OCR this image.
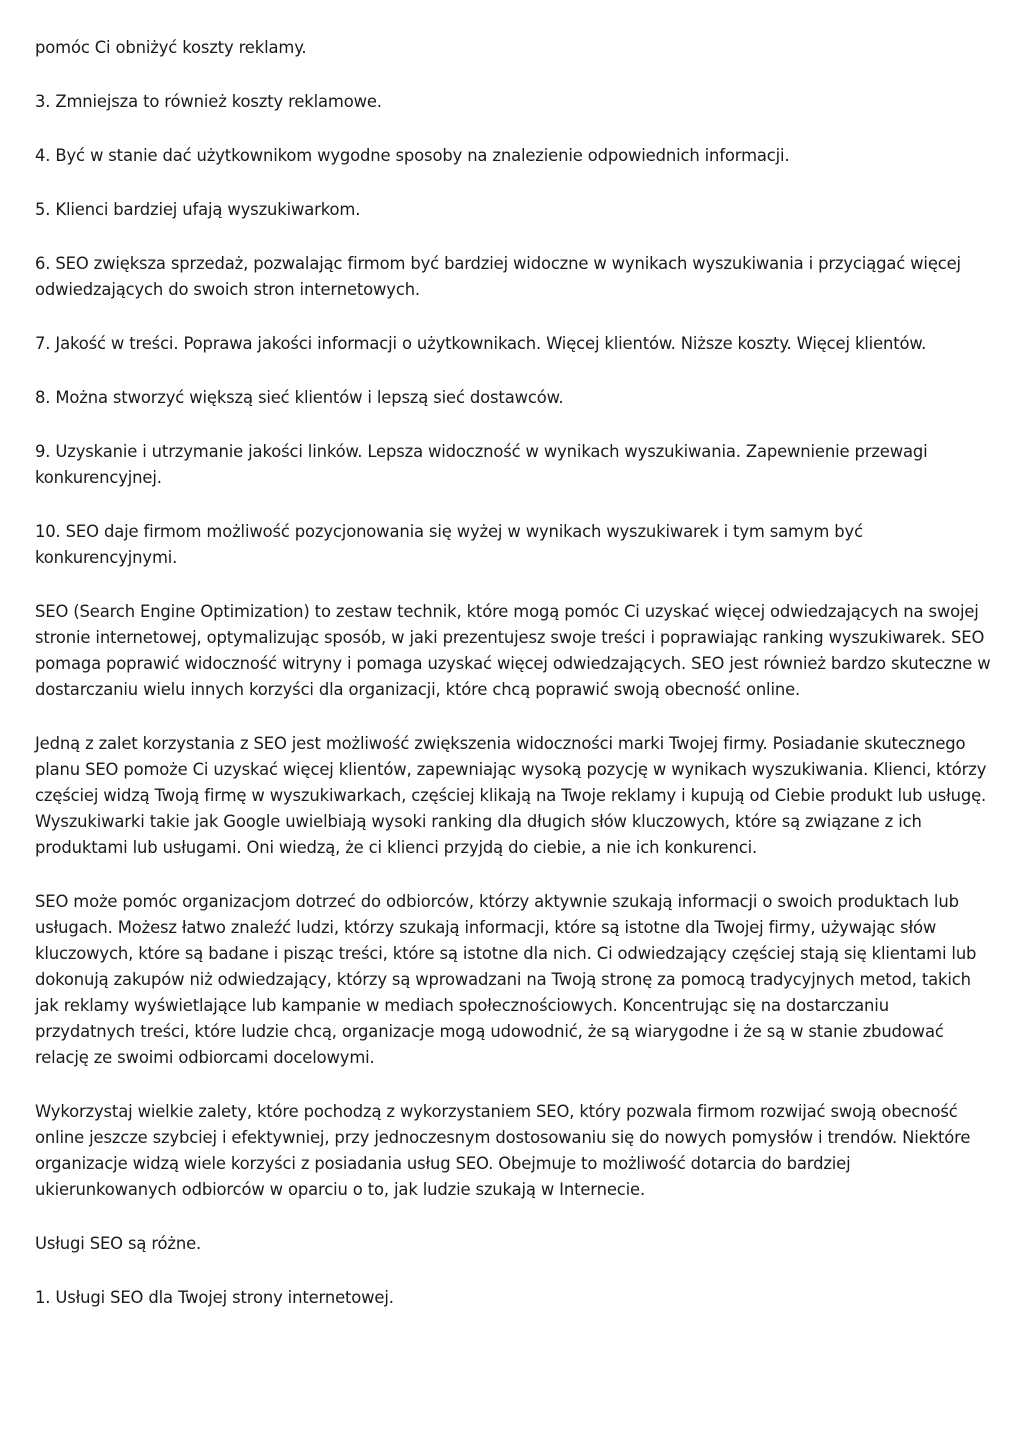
pomóc Ci obniżyć koszty reklamy.

3. Zmniejsza to również koszty reklamowe.

4. Być w stanie dać użytkownikom wygodne sposoby na znalezienie odpowiednich informacji.

5. Klienci bardziej ufają wyszukiwarkom.

6. SEO zwiększa sprzedaż, pozwalając firmom być bardziej widoczne w wynikach wyszukiwania i przyciągać więcej odwiedzających do swoich stron internetowych.

7. Jakość w treści. Poprawa jakości informacji o użytkownikach. Więcej klientów. Niższe koszty. Więcej klientów.

8. Można stworzyć większą sieć klientów i lepszą sieć dostawców.

9. Uzyskanie i utrzymanie jakości linków. Lepsza widoczność w wynikach wyszukiwania. Zapewnienie przewagi konkurencyjnej.

10. SEO daje firmom możliwość pozycjonowania się wyżej w wynikach wyszukiwarek i tym samym być konkurencyjnymi.

SEO (Search Engine Optimization) to zestaw technik, które mogą pomóc Ci uzyskać więcej odwiedzających na swojej stronie internetowej, optymalizując sposób, w jaki prezentujesz swoje treści i poprawiając ranking wyszukiwarek. SEO pomaga poprawić widoczność witryny i pomaga uzyskać więcej odwiedzających. SEO jest również bardzo skuteczne w dostarczaniu wielu innych korzyści dla organizacji, które chcą poprawić swoją obecność online.

Jedną z zalet korzystania z SEO jest możliwość zwiększenia widoczności marki Twojej firmy. Posiadanie skutecznego planu SEO pomoże Ci uzyskać więcej klientów, zapewniając wysoką pozycję w wynikach wyszukiwania. Klienci, którzy częściej widzą Twoją firmę w wyszukiwarkach, częściej klikają na Twoje reklamy i kupują od Ciebie produkt lub usługę. Wyszukiwarki takie jak Google uwielbiają wysoki ranking dla długich słów kluczowych, które są związane z ich produktami lub usługami. Oni wiedzą, że ci klienci przyjdą do ciebie, a nie ich konkurenci.

SEO może pomóc organizacjom dotrzeć do odbiorców, którzy aktywnie szukają informacji o swoich produktach lub usługach. Możesz łatwo znaleźć ludzi, którzy szukają informacji, które są istotne dla Twojej firmy, używając słów kluczowych, które są badane i pisząc treści, które są istotne dla nich. Ci odwiedzający częściej stają się klientami lub dokonują zakupów niż odwiedzający, którzy są wprowadzani na Twoją stronę za pomocą tradycyjnych metod, takich jak reklamy wyświetlające lub kampanie w mediach społecznościowych. Koncentrując się na dostarczaniu przydatnych treści, które ludzie chcą, organizacje mogą udowodnić, że są wiarygodne i że są w stanie zbudować relację ze swoimi odbiorcami docelowymi.

Wykorzystaj wielkie zalety, które pochodzą z wykorzystaniem SEO, który pozwala firmom rozwijać swoją obecność online jeszcze szybciej i efektywniej, przy jednoczesnym dostosowaniu się do nowych pomysłów i trendów. Niektóre organizacje widzą wiele korzyści z posiadania usług SEO. Obejmuje to możliwość dotarcia do bardziej ukierunkowanych odbiorców w oparciu o to, jak ludzie szukają w Internecie.

Usługi SEO są różne.

1. Usługi SEO dla Twojej strony internetowej.
